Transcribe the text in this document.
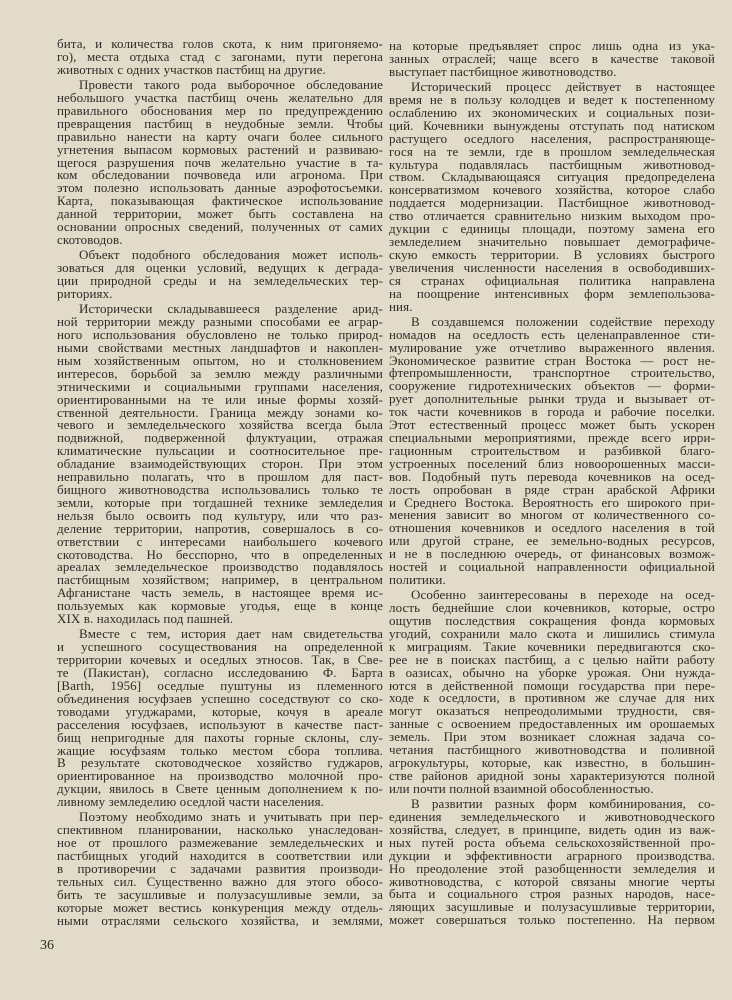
бита, и количества голов скота, к ним пригоняемо-
го), места отдыха стад с загонами, пути перегона
животных с одних участков пастбищ на другие.
Провести такого рода выборочное обследование
небольшого участка пастбищ очень желательно для
правильного обоснования мер по предупреждению
превращения пастбищ в неудобные земли. Чтобы
правильно нанести на карту очаги более сильного
угнетения выпасом кормовых растений и развиваю-
щегося разрушения почв желательно участие в та-
ком обследовании почвоведа или агронома. При
этом полезно использовать данные аэрофотосъемки.
Карта, показывающая фактическое использование
данной территории, может быть составлена на
основании опросных сведений, полученных от самих
скотоводов.
Объект подобного обследования может исполь-
зоваться для оценки условий, ведущих к деграда-
ции природной среды и на земледельческих тер-
риториях.
Исторически складывавшееся разделение арид-
ной территории между разными способами ее аграр-
ного использования обусловлено не только природ-
ными свойствами местных ландшафтов и накоплен-
ным хозяйственным опытом, но и столкновением
интересов, борьбой за землю между различными
этническими и социальными группами населения,
ориентированными на те или иные формы хозяй-
ственной деятельности. Граница между зонами ко-
чевого и земледельческого хозяйства всегда была
подвижной, подверженной флуктуации, отражая
климатические пульсации и соотносительное пре-
обладание взаимодействующих сторон. При этом
неправильно полагать, что в прошлом для паст-
бищного животноводства использовались только те
земли, которые при тогдашней технике земледелия
нельзя было освоить под культуру, или что раз-
деление территории, напротив, совершалось в со-
ответствии с интересами наибольшего кочевого
скотоводства. Но бесспорно, что в определенных
ареалах земледельческое производство подавлялось
пастбищным хозяйством; например, в центральном
Афганистане часть земель, в настоящее время ис-
пользуемых как кормовые угодья, еще в конце
XIX в. находилась под пашней.
Вместе с тем, история дает нам свидетельства
и успешного сосуществования на определенной
территории кочевых и оседлых этносов. Так, в Све-
те (Пакистан), согласно исследованию Ф. Барта
[Barth, 1956] оседлые пуштуны из племенного
объединения юсуфзаев успешно соседствуют со ско-
товодами угуджарами, которые, кочуя в ареале
расселения юсуфзаев, используют в качестве паст-
бищ непригодные для пахоты горные склоны, слу-
жащие юсуфзаям только местом сбора топлива.
В результате скотоводческое хозяйство гуджаров,
ориентированное на производство молочной про-
дукции, явилось в Свете ценным дополнением к по-
ливному земледелию оседлой части населения.
Поэтому необходимо знать и учитывать при пер-
спективном планировании, насколько унаследован-
ное от прошлого размежевание земледельческих и
пастбищных угодий находится в соответствии или
в противоречии с задачами развития производи-
тельных сил. Существенно важно для этого обосо-
бить те засушливые и полузасушливые земли, за
которые может вестись конкуренция между отдель-
ными отраслями сельского хозяйства, и землями,
на которые предъявляет спрос лишь одна из ука-
занных отраслей; чаще всего в качестве таковой
выступает пастбищное животноводство.
Исторический процесс действует в настоящее
время не в пользу колодцев и ведет к постепенному
ослаблению их экономических и социальных пози-
ций. Кочевники вынуждены отступать под натиском
растущего оседлого населения, распространяюще-
гося на те земли, где в прошлом земледельческая
культура подавлялась пастбищным животновод-
ством. Складывающаяся ситуация предопределена
консерватизмом кочевого хозяйства, которое слабо
поддается модернизации. Пастбищное животновод-
ство отличается сравнительно низким выходом про-
дукции с единицы площади, поэтому замена его
земледелием значительно повышает демографиче-
скую емкость территории. В условиях быстрого
увеличения численности населения в освободивших-
ся странах официальная политика направлена
на поощрение интенсивных форм землепользова-
ния.
В создавшемся положении содействие переходу
номадов на оседлость есть целенаправленное сти-
мулирование уже отчетливо выраженного явления.
Экономическое развитие стран Востока — рост не-
фтепромышленности, транспортное строительство,
сооружение гидротехнических объектов — форми-
рует дополнительные рынки труда и вызывает от-
ток части кочевников в города и рабочие поселки.
Этот естественный процесс может быть ускорен
специальными мероприятиями, прежде всего ирри-
гационным строительством и разбивкой благо-
устроенных поселений близ новоорошенных масси-
вов. Подобный путь перевода кочевников на осед-
лость опробован в ряде стран арабской Африки
и Среднего Востока. Вероятность его широкого при-
менения зависит во многом от количественного со-
отношения кочевников и оседлого населения в той
или другой стране, ее земельно-водных ресурсов,
и не в последнюю очередь, от финансовых возмож-
ностей и социальной направленности официальной
политики.
Особенно заинтересованы в переходе на осед-
лость беднейшие слои кочевников, которые, остро
ощутив последствия сокращения фонда кормовых
угодий, сохранили мало скота и лишились стимула
к миграциям. Такие кочевники передвигаются ско-
рее не в поисках пастбищ, а с целью найти работу
в оазисах, обычно на уборке урожая. Они нужда-
ются в действенной помощи государства при пере-
ходе к оседлости, в противном же случае для них
могут оказаться непреодолимыми трудности, свя-
занные с освоением предоставленных им орошаемых
земель. При этом возникает сложная задача со-
четания пастбищного животноводства и поливной
агрокультуры, которые, как известно, в большин-
стве районов аридной зоны характеризуются полной
или почти полной взаимной обособленностью.
В развитии разных форм комбинирования, со-
единения земледельческого и животноводческого
хозяйства, следует, в принципе, видеть один из важ-
ных путей роста объема сельскохозяйственной про-
дукции и эффективности аграрного производства.
Но преодоление этой разобщенности земледелия и
животноводства, с которой связаны многие черты
быта и социального строя разных народов, насе-
ляющих засушливые и полузасушливые территории,
может совершаться только постепенно. На первом
36
